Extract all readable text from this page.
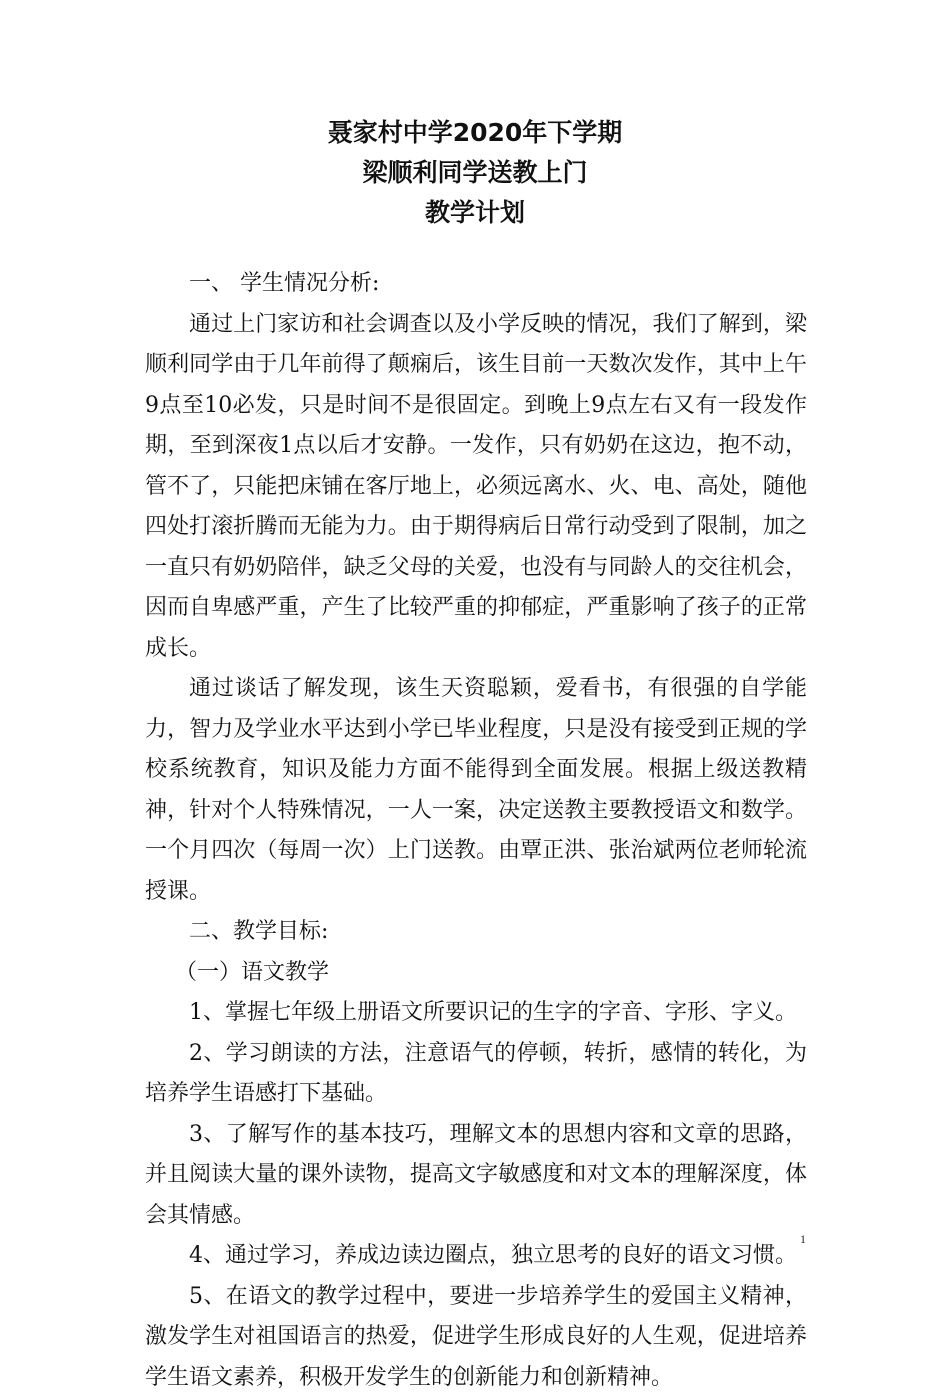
聂家村中学2020年下学期
梁顺利同学送教上门
教学计划

一、 学生情况分析:

通过上门家访和社会调查以及小学反映的情况，我们了解到，梁顺利同学由于几年前得了颠痫后，该生目前一天数次发作，其中上午9点至10必发，只是时间不是很固定。到晚上9点左右又有一段发作期，至到深夜1点以后才安静。一发作，只有奶奶在这边，抱不动，管不了，只能把床铺在客厅地上，必须远离水、火、电、高处，随他四处打滚折腾而无能为力。由于期得病后日常行动受到了限制，加之一直只有奶奶陪伴，缺乏父母的关爱，也没有与同龄人的交往机会，因而自卑感严重，产生了比较严重的抑郁症，严重影响了孩子的正常成长。

通过谈话了解发现，该生天资聪颖，爱看书，有很强的自学能力，智力及学业水平达到小学已毕业程度，只是没有接受到正规的学校系统教育，知识及能力方面不能得到全面发展。根据上级送教精神，针对个人特殊情况，一人一案，决定送教主要教授语文和数学。一个月四次（每周一次）上门送教。由覃正洪、张治斌两位老师轮流授课。

二、教学目标:

（一）语文教学

1、掌握七年级上册语文所要识记的生字的字音、字形、字义。

2、学习朗读的方法，注意语气的停顿，转折，感情的转化，为培养学生语感打下基础。

3、了解写作的基本技巧，理解文本的思想内容和文章的思路，并且阅读大量的课外读物，提高文字敏感度和对文本的理解深度，体会其情感。

4、通过学习，养成边读边圈点，独立思考的良好的语文习惯。

5、在语文的教学过程中，要进一步培养学生的爱国主义精神，激发学生对祖国语言的热爱，促进学生形成良好的人生观，促进培养学生语文素养，积极开发学生的创新能力和创新精神。

1
